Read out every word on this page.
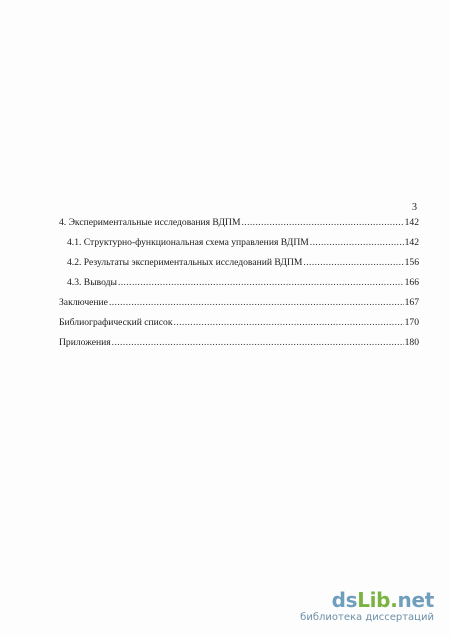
3
4. Экспериментальные исследования ВДПМ .....	142
4.1. Структурно-функциональная схема управления ВДПМ .....	142
4.2. Результаты экспериментальных исследований ВДПМ .....	156
4.3. Выводы .....	166
Заключение .....	167
Библиографический список .....	170
Приложения .....	180
dsLib.net
библиотека диссертаций
